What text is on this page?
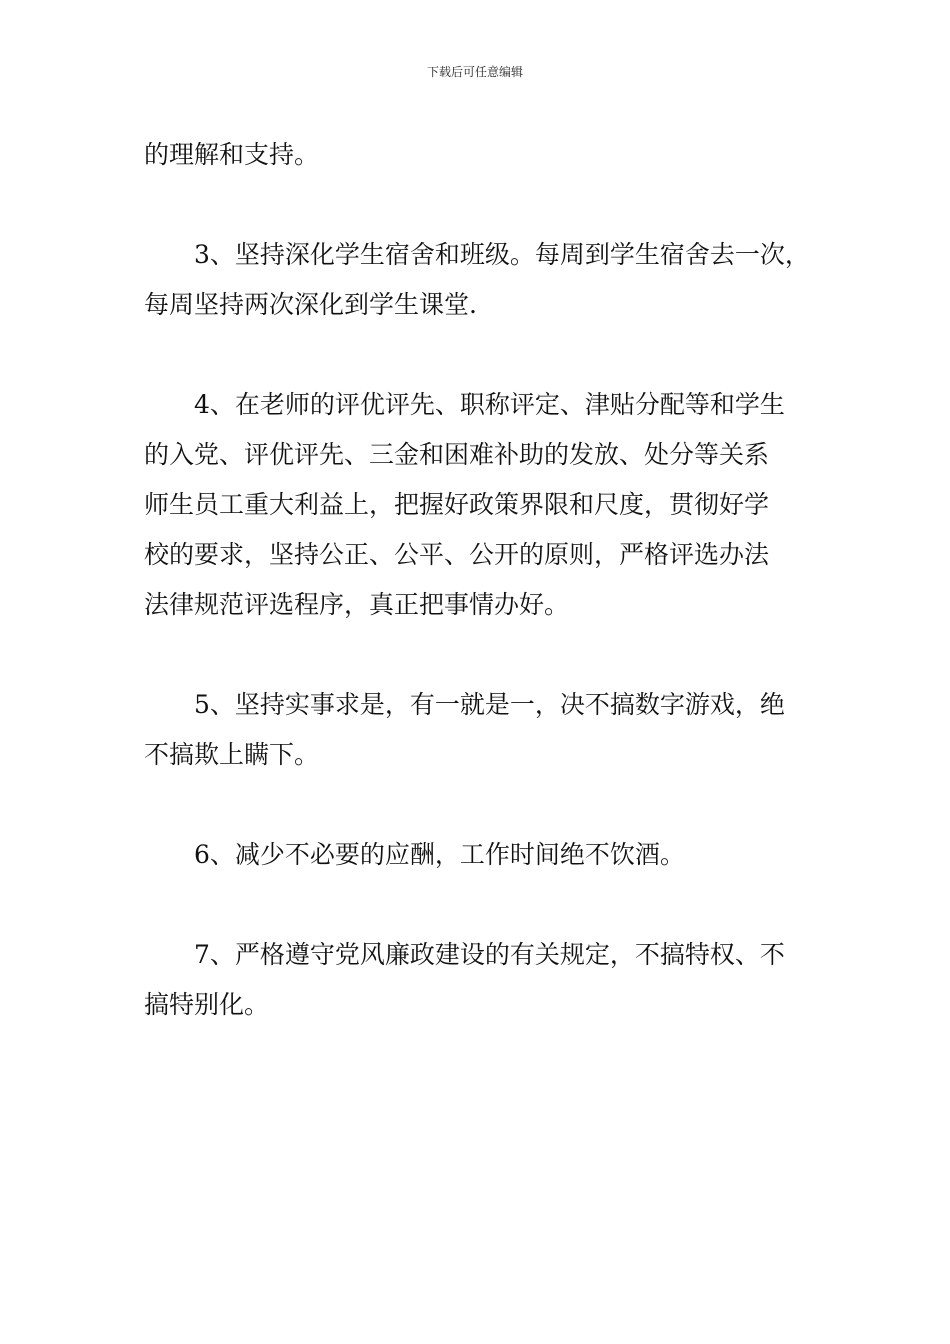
下载后可任意编辑
的理解和支持。
3、坚持深化学生宿舍和班级。每周到学生宿舍去一次，
每周坚持两次深化到学生课堂.
4、在老师的评优评先、职称评定、津贴分配等和学生
的入党、评优评先、三金和困难补助的发放、处分等关系
师生员工重大利益上，把握好政策界限和尺度，贯彻好学
校的要求，坚持公正、公平、公开的原则，严格评选办法
法律规范评选程序，真正把事情办好。
5、坚持实事求是，有一就是一，决不搞数字游戏，绝
不搞欺上瞒下。
6、减少不必要的应酬，工作时间绝不饮酒。
7、严格遵守党风廉政建设的有关规定，不搞特权、不
搞特别化。
